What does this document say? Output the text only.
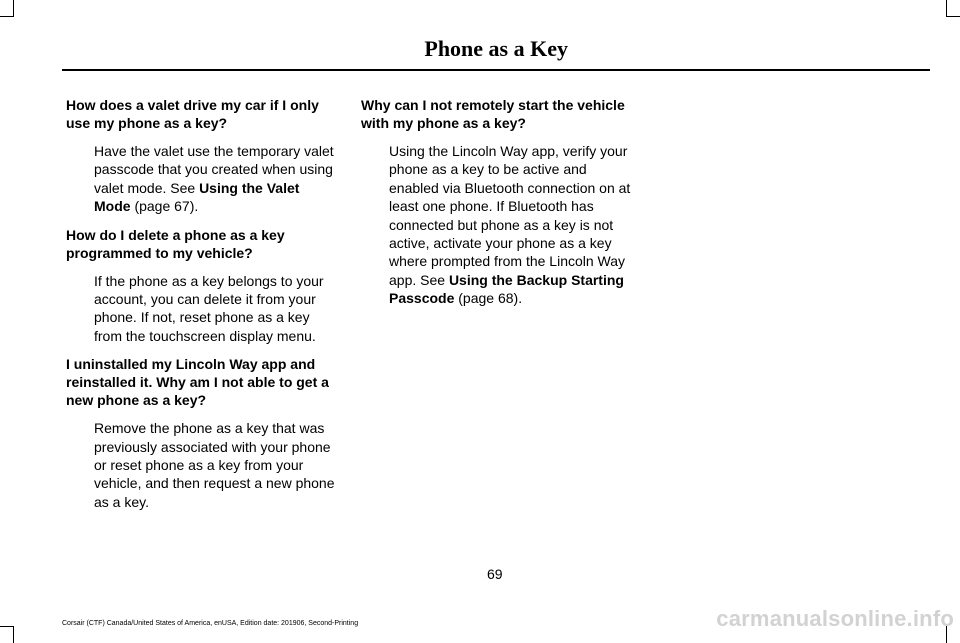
Phone as a Key

How does a valet drive my car if I only use my phone as a key?

Have the valet use the temporary valet passcode that you created when using valet mode. See Using the Valet Mode (page 67).

How do I delete a phone as a key programmed to my vehicle?

If the phone as a key belongs to your account, you can delete it from your phone. If not, reset phone as a key from the touchscreen display menu.

I uninstalled my Lincoln Way app and reinstalled it. Why am I not able to get a new phone as a key?

Remove the phone as a key that was previously associated with your phone or reset phone as a key from your vehicle, and then request a new phone as a key.

Why can I not remotely start the vehicle with my phone as a key?

Using the Lincoln Way app, verify your phone as a key to be active and enabled via Bluetooth connection on at least one phone. If Bluetooth has connected but phone as a key is not active, activate your phone as a key where prompted from the Lincoln Way app. See Using the Backup Starting Passcode (page 68).

69
Corsair (CTF) Canada/United States of America, enUSA, Edition date: 201906, Second-Printing	carmanualsonline.info
